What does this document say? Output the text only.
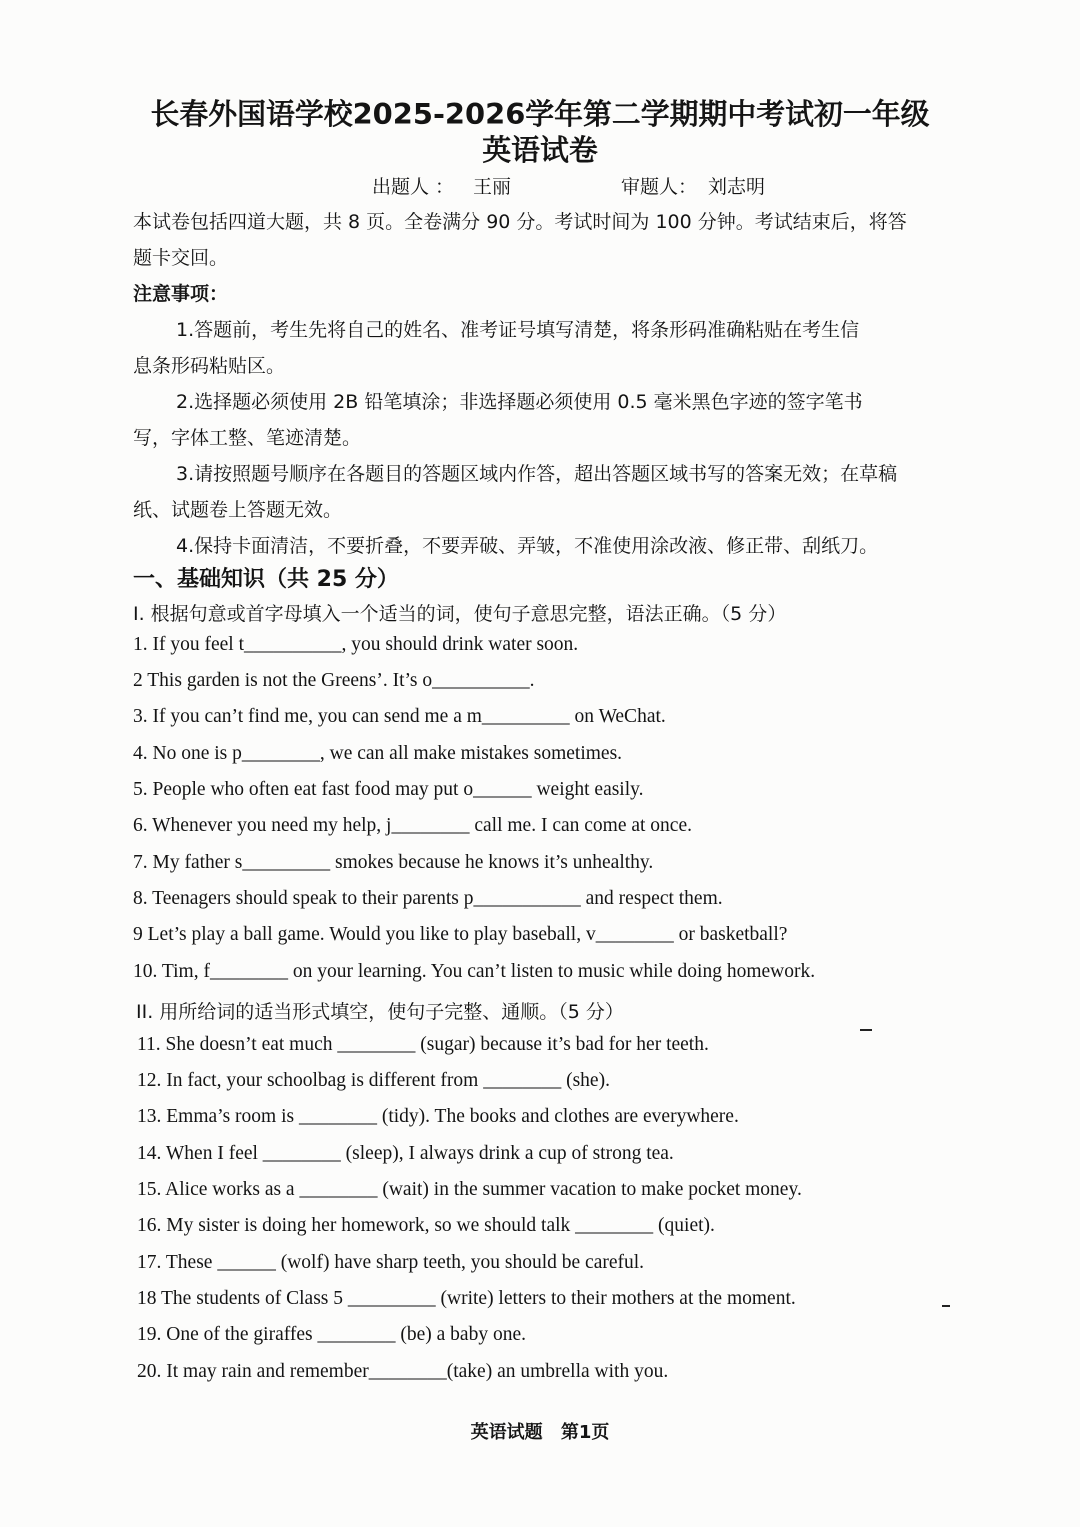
长春外国语学校2025-2026学年第二学期期中考试初一年级
英语试卷
出题人 ： 王丽	审题人： 刘志明
本试卷包括四道大题，共 8 页。全卷满分 90 分。考试时间为 100 分钟。考试结束后，将答
题卡交回。
注意事项：
1.答题前，考生先将自己的姓名、准考证号填写清楚，将条形码准确粘贴在考生信
息条形码粘贴区。
2.选择题必须使用 2B 铅笔填涂；非选择题必须使用 0.5 毫米黑色字迹的签字笔书
写，字体工整、笔迹清楚。
3.请按照题号顺序在各题目的答题区域内作答，超出答题区域书写的答案无效；在草稿
纸、试题卷上答题无效。
4.保持卡面清洁，不要折叠，不要弄破、弄皱，不准使用涂改液、修正带、刮纸刀。
一、基础知识（共 25 分）
I. 根据句意或首字母填入一个适当的词，使句子意思完整，语法正确。（5 分）
1. If you feel t__________, you should drink water soon.
2 This garden is not the Greens’. It’s o__________.
3. If you can’t find me, you can send me a m_________ on WeChat.
4. No one is p________, we can all make mistakes sometimes.
5. People who often eat fast food may put o______ weight easily.
6. Whenever you need my help, j________ call me. I can come at once.
7. My father s_________ smokes because he knows it’s unhealthy.
8. Teenagers should speak to their parents p___________ and respect them.
9 Let’s play a ball game. Would you like to play baseball, v________ or basketball?
10. Tim, f________ on your learning. You can’t listen to music while doing homework.
II. 用所给词的适当形式填空，使句子完整、通顺。（5 分）
11. She doesn’t eat much ________ (sugar) because it’s bad for her teeth.
12. In fact, your schoolbag is different from ________ (she).
13. Emma’s room is ________ (tidy). The books and clothes are everywhere.
14. When I feel ________ (sleep), I always drink a cup of strong tea.
15. Alice works as a ________ (wait) in the summer vacation to make pocket money.
16. My sister is doing her homework, so we should talk ________ (quiet).
17. These ______ (wolf) have sharp teeth, you should be careful.
18 The students of Class 5 _________ (write) letters to their mothers at the moment.
19. One of the giraffes ________ (be) a baby one.
20. It may rain and remember________(take) an umbrella with you.
英语试题 第1页
